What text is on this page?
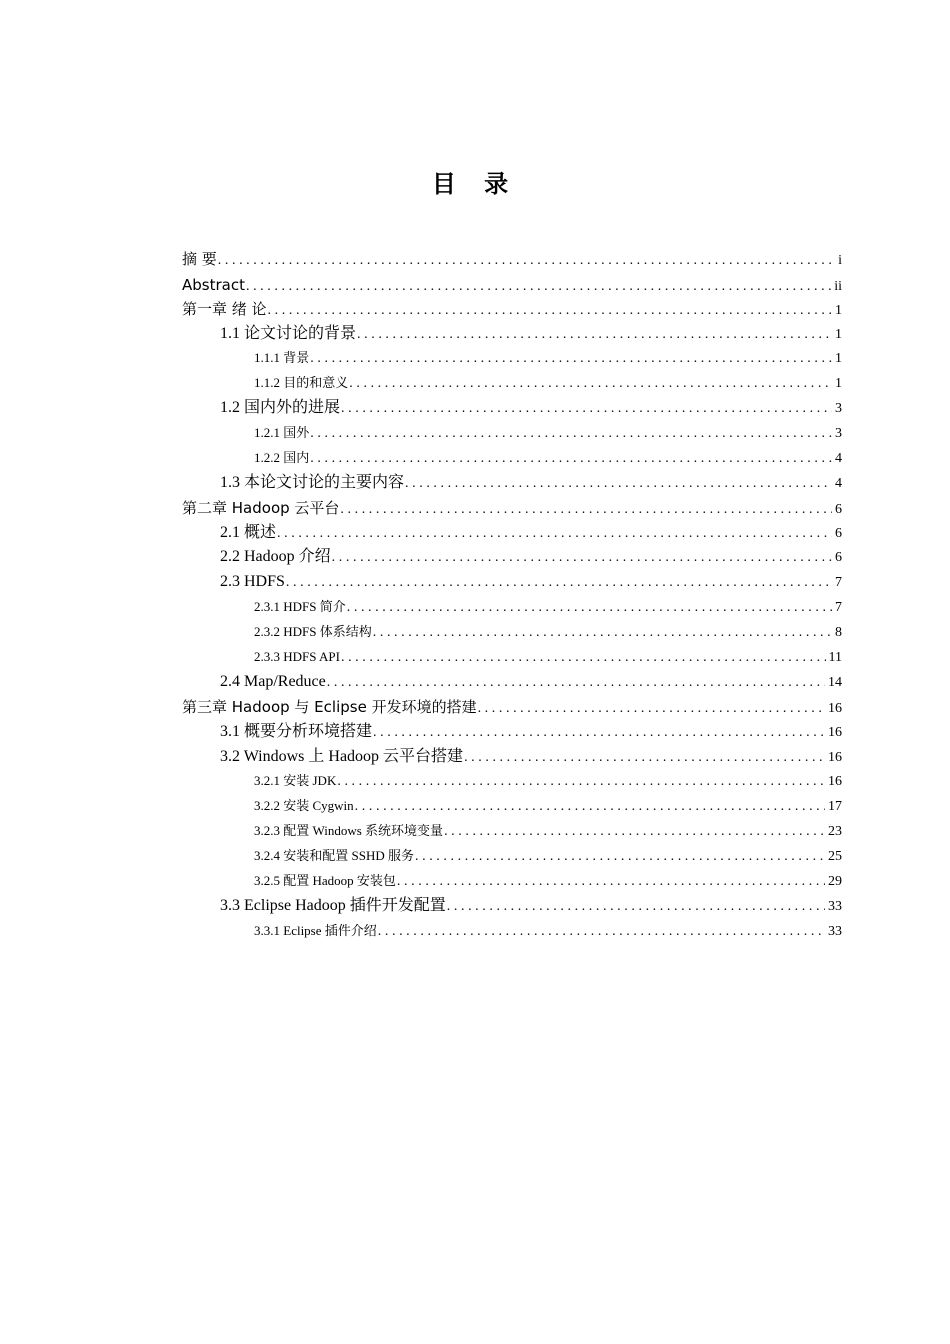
目 录
摘 要 .....	i
Abstract .....	ii
第一章 绪 论 .....	1
1.1 论文讨论的背景 .....	1
1.1.1 背景 .....	1
1.1.2 目的和意义 .....	1
1.2 国内外的进展 .....	3
1.2.1 国外 .....	3
1.2.2 国内 .....	4
1.3 本论文讨论的主要内容 .....	4
第二章 Hadoop 云平台 .....	6
2.1 概述 .....	6
2.2 Hadoop 介绍 .....	6
2.3 HDFS .....	7
2.3.1 HDFS 简介 .....	7
2.3.2 HDFS 体系结构 .....	8
2.3.3 HDFS API .....	11
2.4 Map/Reduce .....	14
第三章 Hadoop 与 Eclipse 开发环境的搭建 .....	16
3.1 概要分析环境搭建 .....	16
3.2 Windows 上 Hadoop 云平台搭建 .....	16
3.2.1 安装 JDK .....	16
3.2.2 安装 Cygwin .....	17
3.2.3 配置 Windows 系统环境变量 .....	23
3.2.4 安装和配置 SSHD 服务 .....	25
3.2.5 配置 Hadoop 安装包 .....	29
3.3 Eclipse Hadoop 插件开发配置 .....	33
3.3.1 Eclipse 插件介绍 .....	33
